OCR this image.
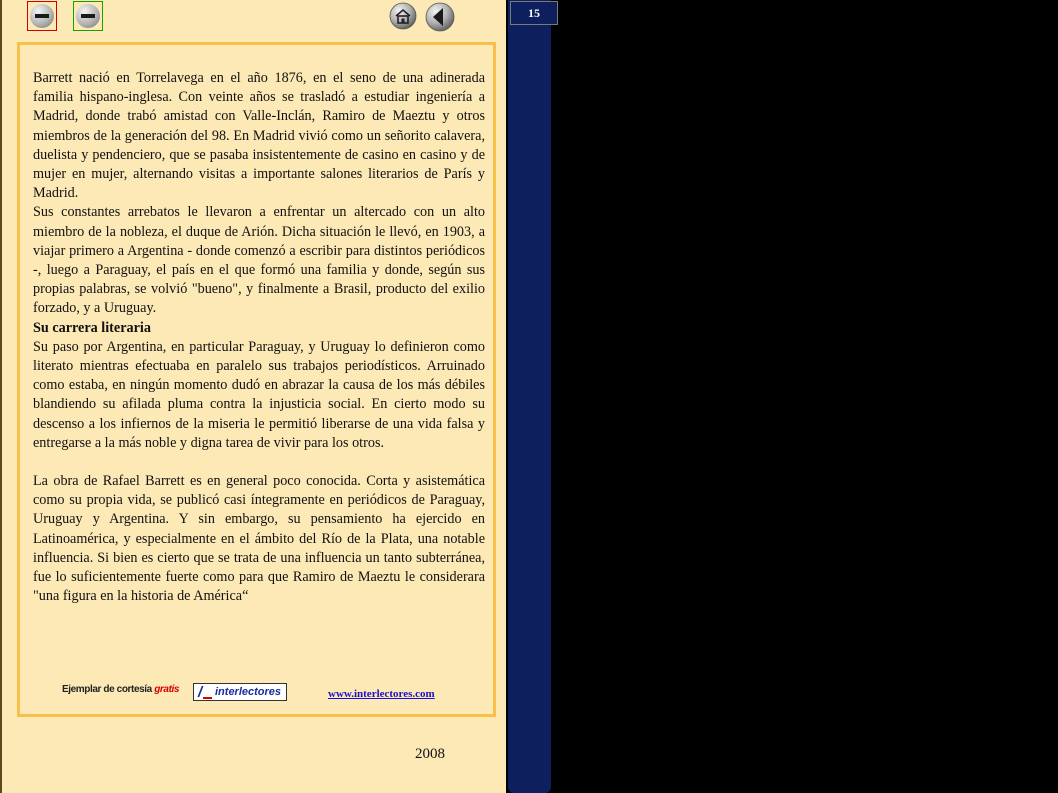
Barrett nació en Torrelavega en el año 1876, en el seno de una adinerada familia hispano-inglesa. Con veinte años se trasladó a estudiar ingeniería a Madrid, donde trabó amistad con Valle-Inclán, Ramiro de Maeztu y otros miembros de la generación del 98. En Madrid vivió como un señorito calavera, duelista y pendenciero, que se pasaba insistentemente de casino en casino y de mujer en mujer, alternando visitas a importante salones literarios de París y Madrid.

Sus constantes arrebatos le llevaron a enfrentar un altercado con un alto miembro de la nobleza, el duque de Arión. Dicha situación le llevó, en 1903, a viajar primero a Argentina - donde comenzó a escribir para distintos periódicos -, luego a Paraguay, el país en el que formó una familia y donde, según sus propias palabras, se volvió "bueno", y finalmente a Brasil, producto del exilio forzado, y a Uruguay.

Su carrera literaria

Su paso por Argentina, en particular Paraguay, y Uruguay lo definieron como literato mientras efectuaba en paralelo sus trabajos periodísticos. Arruinado como estaba, en ningún momento dudó en abrazar la causa de los más débiles blandiendo su afilada pluma contra la injusticia social. En cierto modo su descenso a los infiernos de la miseria le permitió liberarse de una vida falsa y entregarse a la más noble y digna tarea de vivir para los otros.

La obra de Rafael Barrett es en general poco conocida. Corta y asistemática como su propia vida, se publicó casi íntegramente en periódicos de Paraguay, Uruguay y Argentina. Y sin embargo, su pensamiento ha ejercido en Latinoamérica, y especialmente en el ámbito del Río de la Plata, una notable influencia. Si bien es cierto que se trata de una influencia un tanto subterránea, fue lo suficientemente fuerte como para que Ramiro de Maeztu le considerara "una figura en la historia de América“

Ejemplar de cortesía gratis / interlectores	www.interlectores.com
2008
15
